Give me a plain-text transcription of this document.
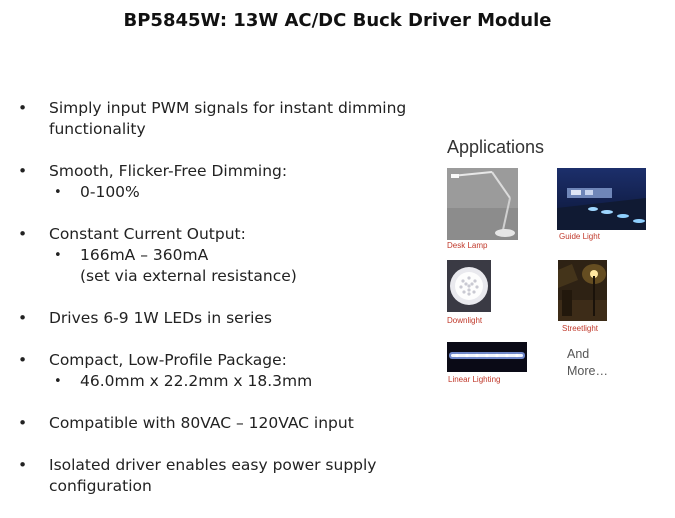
BP5845W: 13W AC/DC Buck Driver Module
• Simply input PWM signals for instant dimming
functionality
• Smooth, Flicker-Free Dimming:
• 0-100%
• Constant Current Output:
• 166mA – 360mA
(set via external resistance)
• Drives 6-9 1W LEDs in series
• Compact, Low-Profile Package:
• 46.0mm x 22.2mm x 18.3mm
• Compatible with 80VAC – 120VAC input
• Isolated driver enables easy power supply configuration
Applications
Desk Lamp
Guide Light
Downlight
Streetlight
Linear Lighting
And
More…
